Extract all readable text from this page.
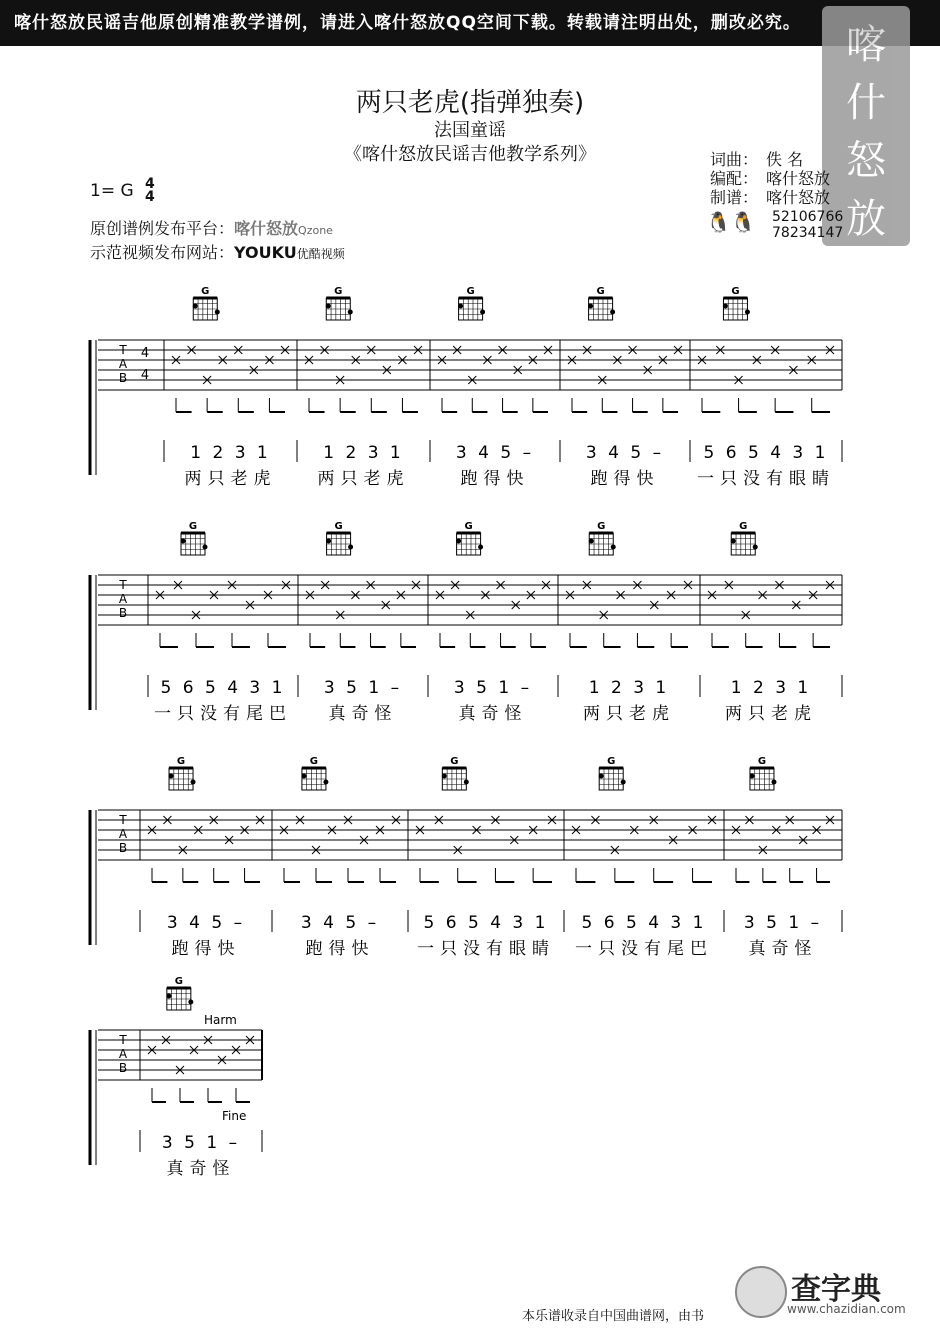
喀什怒放民谣吉他原创精准教学谱例，请进入喀什怒放QQ空间下载。转载请注明出处，删改必究。	喀
什
怒
放
两只老虎(指弹独奏)
法国童谣
《喀什怒放民谣吉他教学系列》	词曲： 佚 名
编配： 喀什怒放
制谱： 喀什怒放
52106766
78234147
🐧🐧
1= G 4
4
原创谱例发布平台：喀什怒放Qzone
示范视频发布网站：YOUKU优酷视频
T
A
B
4
4
G
1 2 3 1
两只老虎
G
1 2 3 1
两只老虎
G
3 4 5 –
跑得快
G
3 4 5 –
跑得快
G
5 6 5 4 3 1
一只没有眼睛
T
A
B
G
5 6 5 4 3 1
一只没有尾巴
G
3 5 1 –
真奇怪
G
3 5 1 –
真奇怪
G
1 2 3 1
两只老虎
G
1 2 3 1
两只老虎
T
A
B
G
3 4 5 –
跑得快
G
3 4 5 –
跑得快
G
5 6 5 4 3 1
一只没有眼睛
G
5 6 5 4 3 1
一只没有尾巴
G
3 5 1 –
真奇怪
T
A
B
G
3 5 1 –
真奇怪
Harm
Fine
本乐谱收录自中国曲谱网，由书
查字典
www.chazidian.com
